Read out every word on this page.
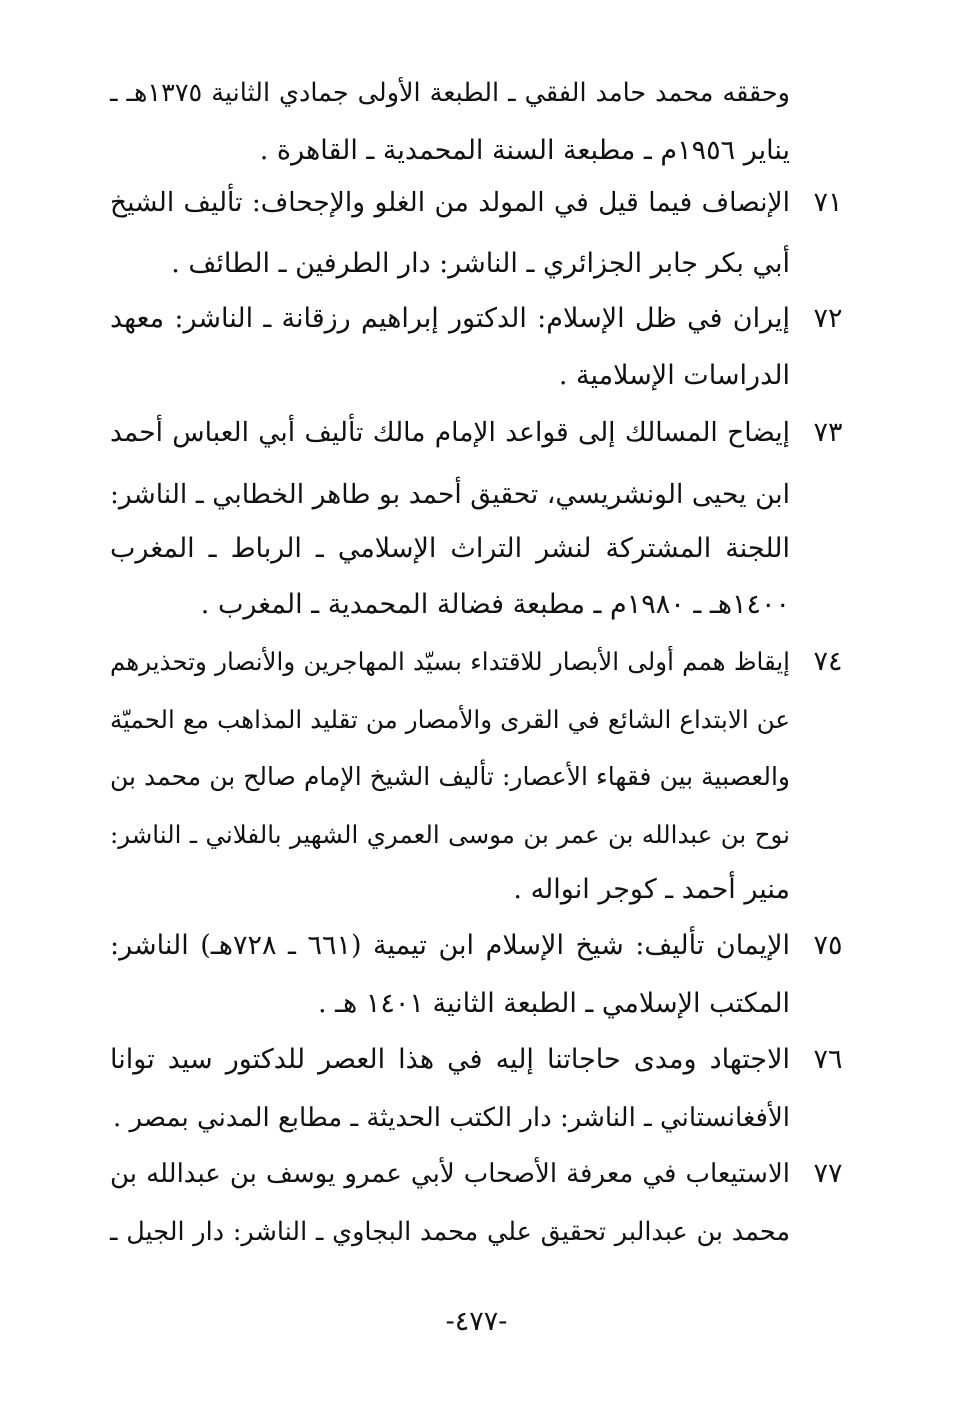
وحققه محمد حامد الفقي ـ الطبعة الأولى جمادي الثانية ١٣٧٥هـ ـ
يناير ١٩٥٦م ـ مطبعة السنة المحمدية ـ القاهرة .
٧١
الإنصاف فيما قيل في المولد من الغلو والإجحاف: تأليف الشيخ
أبي بكر جابر الجزائري ـ الناشر: دار الطرفين ـ الطائف .
٧٢
إيران في ظل الإسلام: الدكتور إبراهيم رزقانة ـ الناشر: معهد
الدراسات الإسلامية .
٧٣
إيضاح المسالك إلى قواعد الإمام مالك تأليف أبي العباس أحمد
ابن يحيى الونشريسي، تحقيق أحمد بو طاهر الخطابي ـ الناشر:
اللجنة المشتركة لنشر التراث الإسلامي ـ الرباط ـ المغرب
١٤٠٠هـ ـ ١٩٨٠م ـ مطبعة فضالة المحمدية ـ المغرب .
٧٤
إيقاظ همم أولى الأبصار للاقتداء بسيّد المهاجرين والأنصار وتحذيرهم
عن الابتداع الشائع في القرى والأمصار من تقليد المذاهب مع الحميّة
والعصبية بين فقهاء الأعصار: تأليف الشيخ الإمام صالح بن محمد بن
نوح بن عبدالله بن عمر بن موسى العمري الشهير بالفلاني ـ الناشر:
منير أحمد ـ كوجر انواله .
٧٥
الإيمان تأليف: شيخ الإسلام ابن تيمية (٦٦١ ـ ٧٢٨هـ) الناشر:
المكتب الإسلامي ـ الطبعة الثانية ١٤٠١ هـ .
٧٦
الاجتهاد ومدى حاجاتنا إليه في هذا العصر للدكتور سيد توانا
الأفغانستاني ـ الناشر: دار الكتب الحديثة ـ مطابع المدني بمصر .
٧٧
الاستيعاب في معرفة الأصحاب لأبي عمرو يوسف بن عبدالله بن
محمد بن عبدالبر تحقيق علي محمد البجاوي ـ الناشر: دار الجيل ـ
-٤٧٧-
